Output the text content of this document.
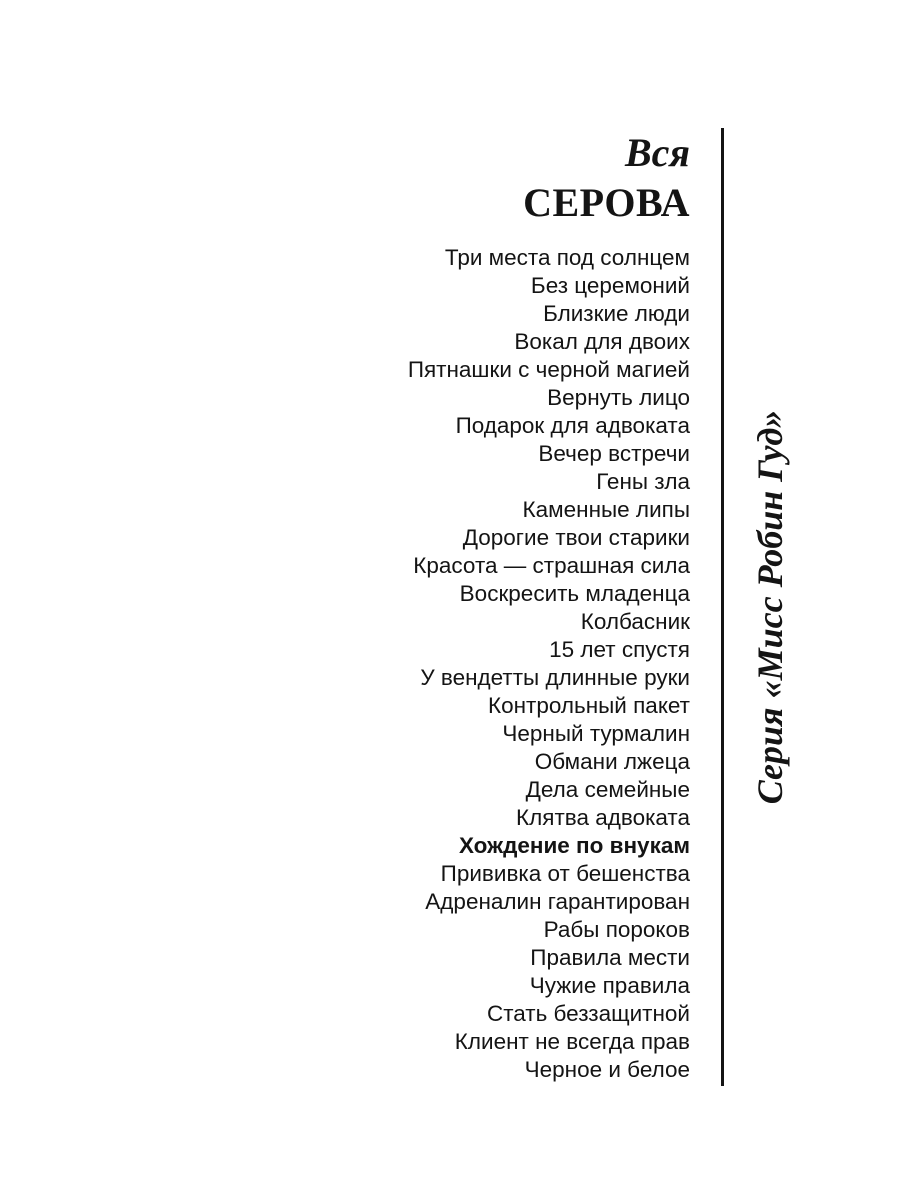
Вся
СЕРОВА
Три места под солнцем
Без церемоний
Близкие люди
Вокал для двоих
Пятнашки с черной магией
Вернуть лицо
Подарок для адвоката
Вечер встречи
Гены зла
Каменные липы
Дорогие твои старики
Красота — страшная сила
Воскресить младенца
Колбасник
15 лет спустя
У вендетты длинные руки
Контрольный пакет
Черный турмалин
Обмани лжеца
Дела семейные
Клятва адвоката
Хождение по внукам
Прививка от бешенства
Адреналин гарантирован
Рабы пороков
Правила мести
Чужие правила
Стать беззащитной
Клиент не всегда прав
Черное и белое
Серия «Мисс Робин Гуд»
